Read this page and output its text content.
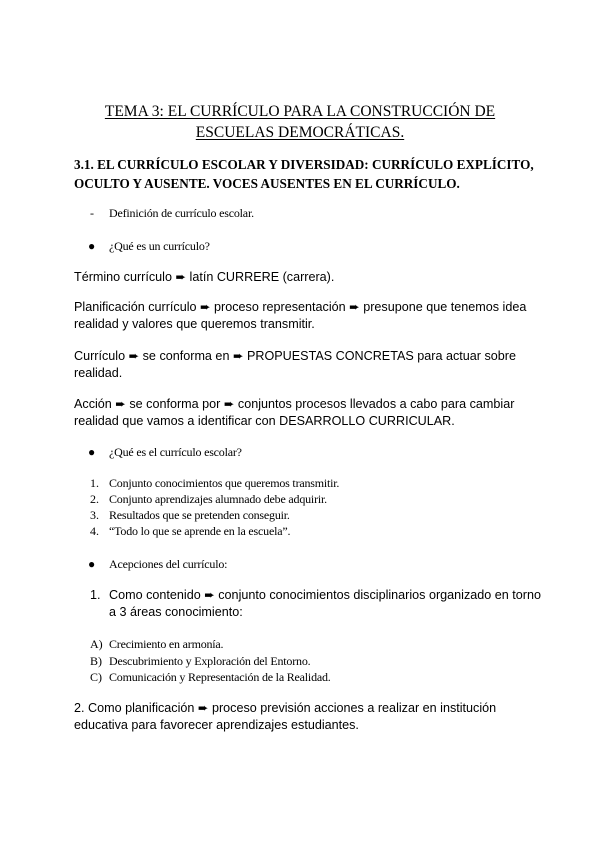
TEMA 3: EL CURRÍCULO PARA LA CONSTRUCCIÓN DE
ESCUELAS DEMOCRÁTICAS.
3.1. EL CURRÍCULO ESCOLAR Y DIVERSIDAD: CURRÍCULO EXPLÍCITO,
OCULTO Y AUSENTE. VOCES AUSENTES EN EL CURRÍCULO.
- Definición de currículo escolar.
● ¿Qué es un currículo?
Término currículo ➨ latín CURRERE (carrera).
Planificación currículo ➨ proceso representación ➨ presupone que tenemos idea
realidad y valores que queremos transmitir.
Currículo ➨ se conforma en ➨ PROPUESTAS CONCRETAS para actuar sobre
realidad.
Acción ➨ se conforma por ➨ conjuntos procesos llevados a cabo para cambiar
realidad que vamos a identificar con DESARROLLO CURRICULAR.
● ¿Qué es el currículo escolar?
1. Conjunto conocimientos que queremos transmitir.
2. Conjunto aprendizajes alumnado debe adquirir.
3. Resultados que se pretenden conseguir.
4. “Todo lo que se aprende en la escuela”.
● Acepciones del currículo:
1. Como contenido ➨ conjunto conocimientos disciplinarios organizado en torno
a 3 áreas conocimiento:
A) Crecimiento en armonía.
B) Descubrimiento y Exploración del Entorno.
C) Comunicación y Representación de la Realidad.
2. Como planificación ➨ proceso previsión acciones a realizar en institución
educativa para favorecer aprendizajes estudiantes.
